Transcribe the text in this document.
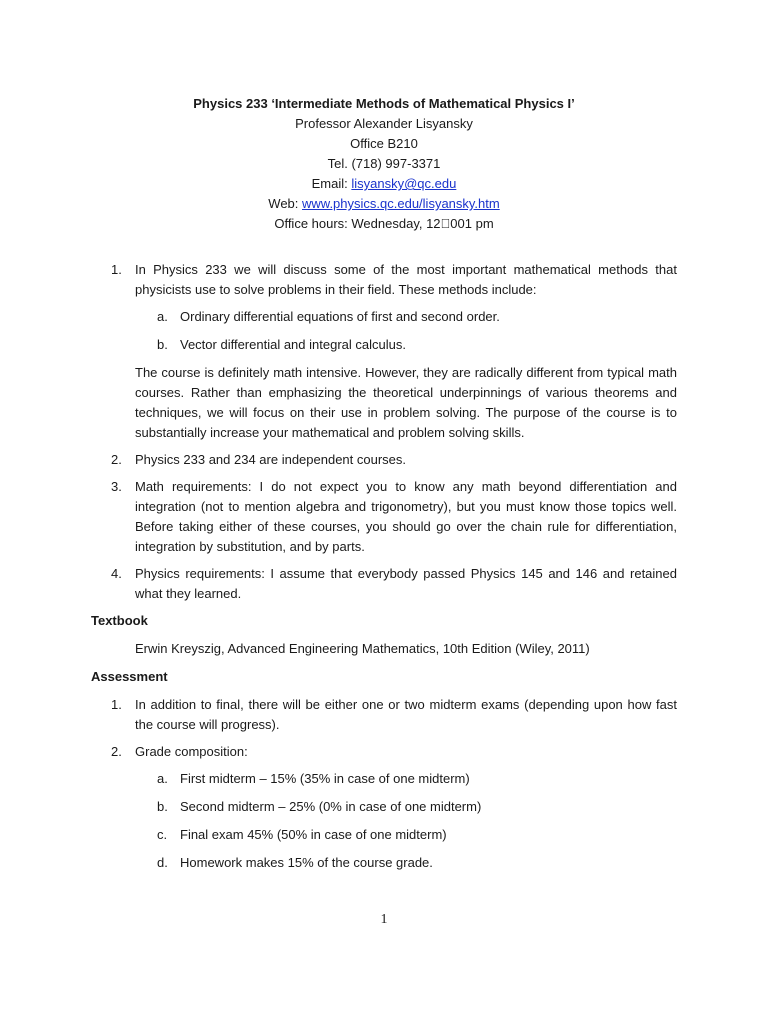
Physics 233 ‘Intermediate Methods of Mathematical Physics I’
Professor Alexander Lisyansky
Office B210
Tel. (718) 997-3371
Email: lisyansky@qc.edu
Web: www.physics.qc.edu/lisyansky.htm
Office hours: Wednesday, 12 001 pm
1. In Physics 233 we will discuss some of the most important mathematical methods that physicists use to solve problems in their field. These methods include:
a. Ordinary differential equations of first and second order.
b. Vector differential and integral calculus.
The course is definitely math intensive. However, they are radically different from typical math courses. Rather than emphasizing the theoretical underpinnings of various theorems and techniques, we will focus on their use in problem solving. The purpose of the course is to substantially increase your mathematical and problem solving skills.
2. Physics 233 and 234 are independent courses.
3. Math requirements: I do not expect you to know any math beyond differentiation and integration (not to mention algebra and trigonometry), but you must know those topics well. Before taking either of these courses, you should go over the chain rule for differentiation, integration by substitution, and by parts.
4. Physics requirements: I assume that everybody passed Physics 145 and 146 and retained what they learned.
Textbook
Erwin Kreyszig, Advanced Engineering Mathematics, 10th Edition (Wiley, 2011)
Assessment
1. In addition to final, there will be either one or two midterm exams (depending upon how fast the course will progress).
2. Grade composition:
a. First midterm – 15% (35% in case of one midterm)
b. Second midterm – 25% (0% in case of one midterm)
c. Final exam 45% (50% in case of one midterm)
d. Homework makes 15% of the course grade.
1
